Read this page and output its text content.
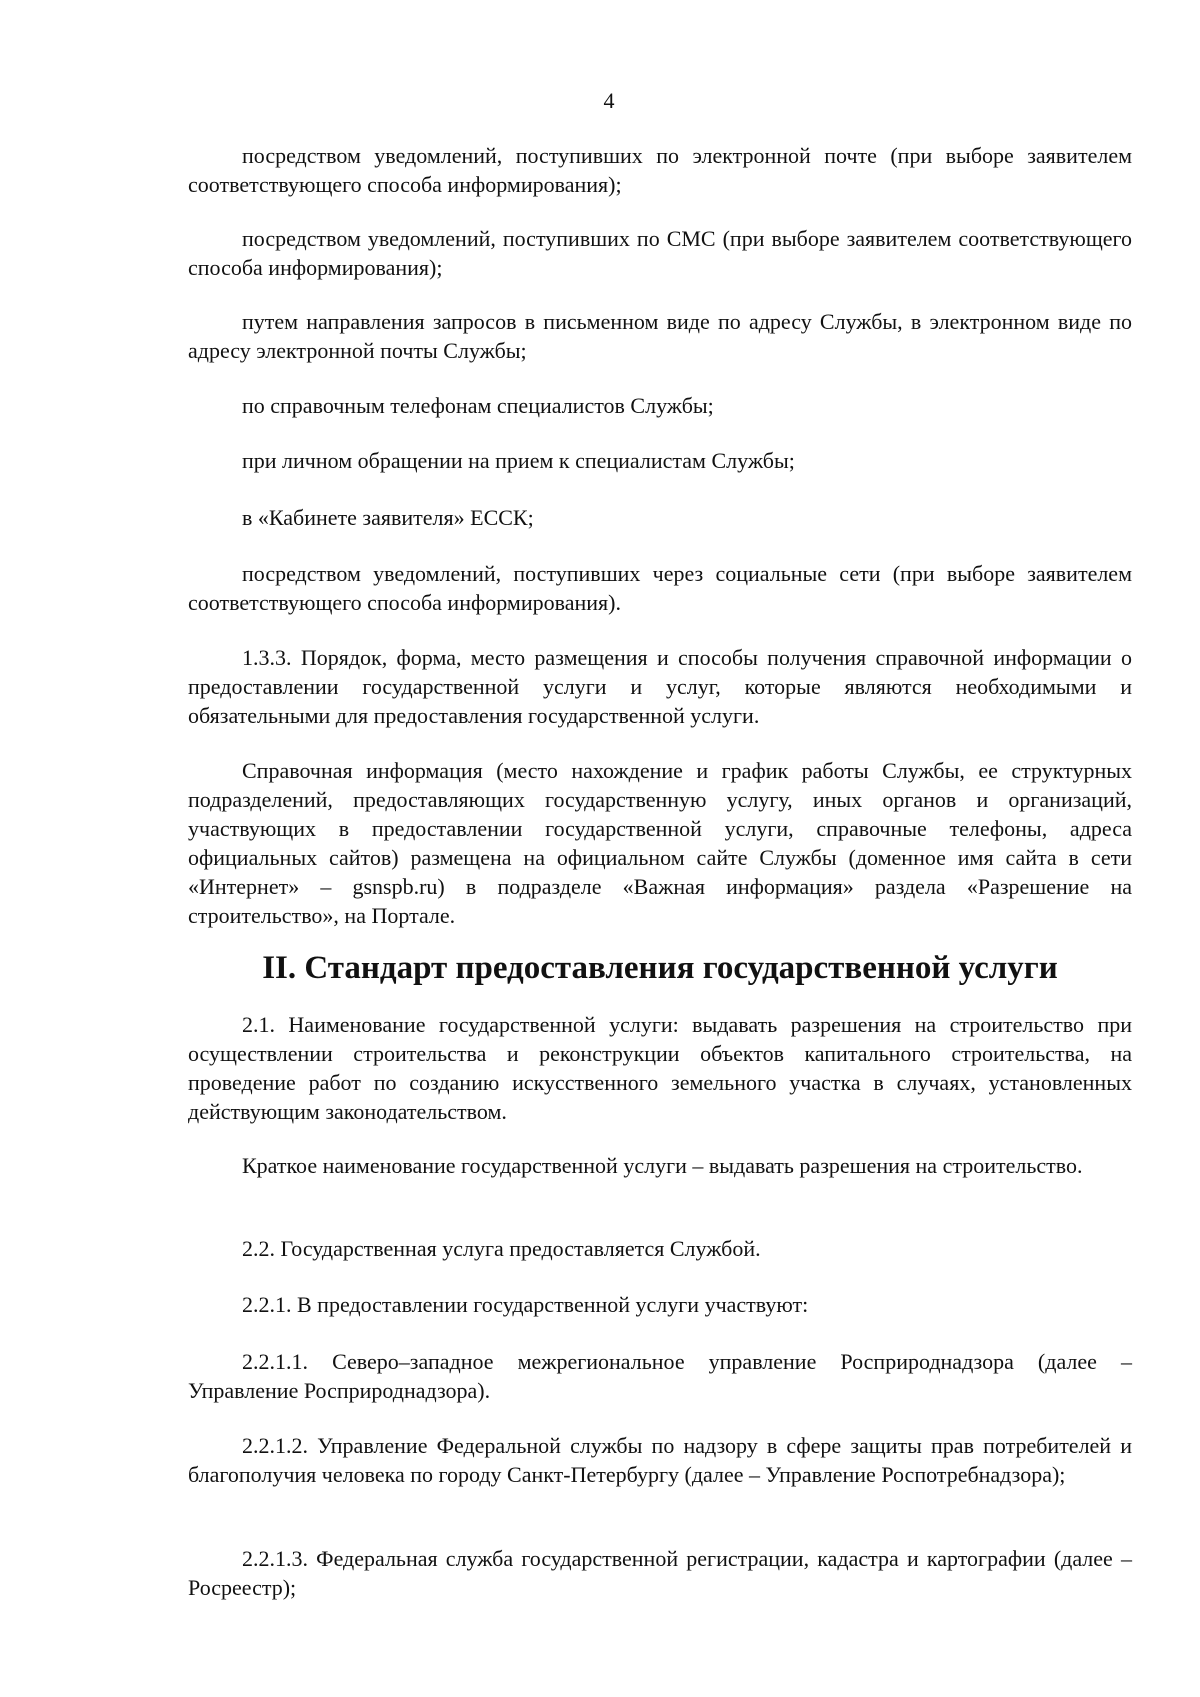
4

посредством уведомлений, поступивших по электронной почте (при выборе заявителем соответствующего способа информирования);

посредством уведомлений, поступивших по СМС (при выборе заявителем соответствующего способа информирования);

путем направления запросов в письменном виде по адресу Службы, в электронном виде по адресу электронной почты Службы;

по справочным телефонам специалистов Службы;

при личном обращении на прием к специалистам Службы;

в «Кабинете заявителя» ЕССК;

посредством уведомлений, поступивших через социальные сети (при выборе заявителем соответствующего способа информирования).

1.3.3. Порядок, форма, место размещения и способы получения справочной информации о предоставлении государственной услуги и услуг, которые являются необходимыми и обязательными для предоставления государственной услуги.

Справочная информация (место нахождение и график работы Службы, ее структурных подразделений, предоставляющих государственную услугу, иных органов и организаций, участвующих в предоставлении государственной услуги, справочные телефоны, адреса официальных сайтов) размещена на официальном сайте Службы (доменное имя сайта в сети «Интернет» – gsnspb.ru) в подразделе «Важная информация» раздела «Разрешение на строительство», на Портале.

II. Стандарт предоставления государственной услуги

2.1. Наименование государственной услуги: выдавать разрешения на строительство при осуществлении строительства и реконструкции объектов капитального строительства, на проведение работ по созданию искусственного земельного участка в случаях, установленных действующим законодательством.

Краткое наименование государственной услуги – выдавать разрешения на строительство.

2.2. Государственная услуга предоставляется Службой.

2.2.1. В предоставлении государственной услуги участвуют:

2.2.1.1. Северо–западное межрегиональное управление Росприроднадзора (далее – Управление Росприроднадзора).

2.2.1.2. Управление Федеральной службы по надзору в сфере защиты прав потребителей и благополучия человека по городу Санкт-Петербургу (далее – Управление Роспотребнадзора);

2.2.1.3. Федеральная служба государственной регистрации, кадастра и картографии (далее – Росреестр);
